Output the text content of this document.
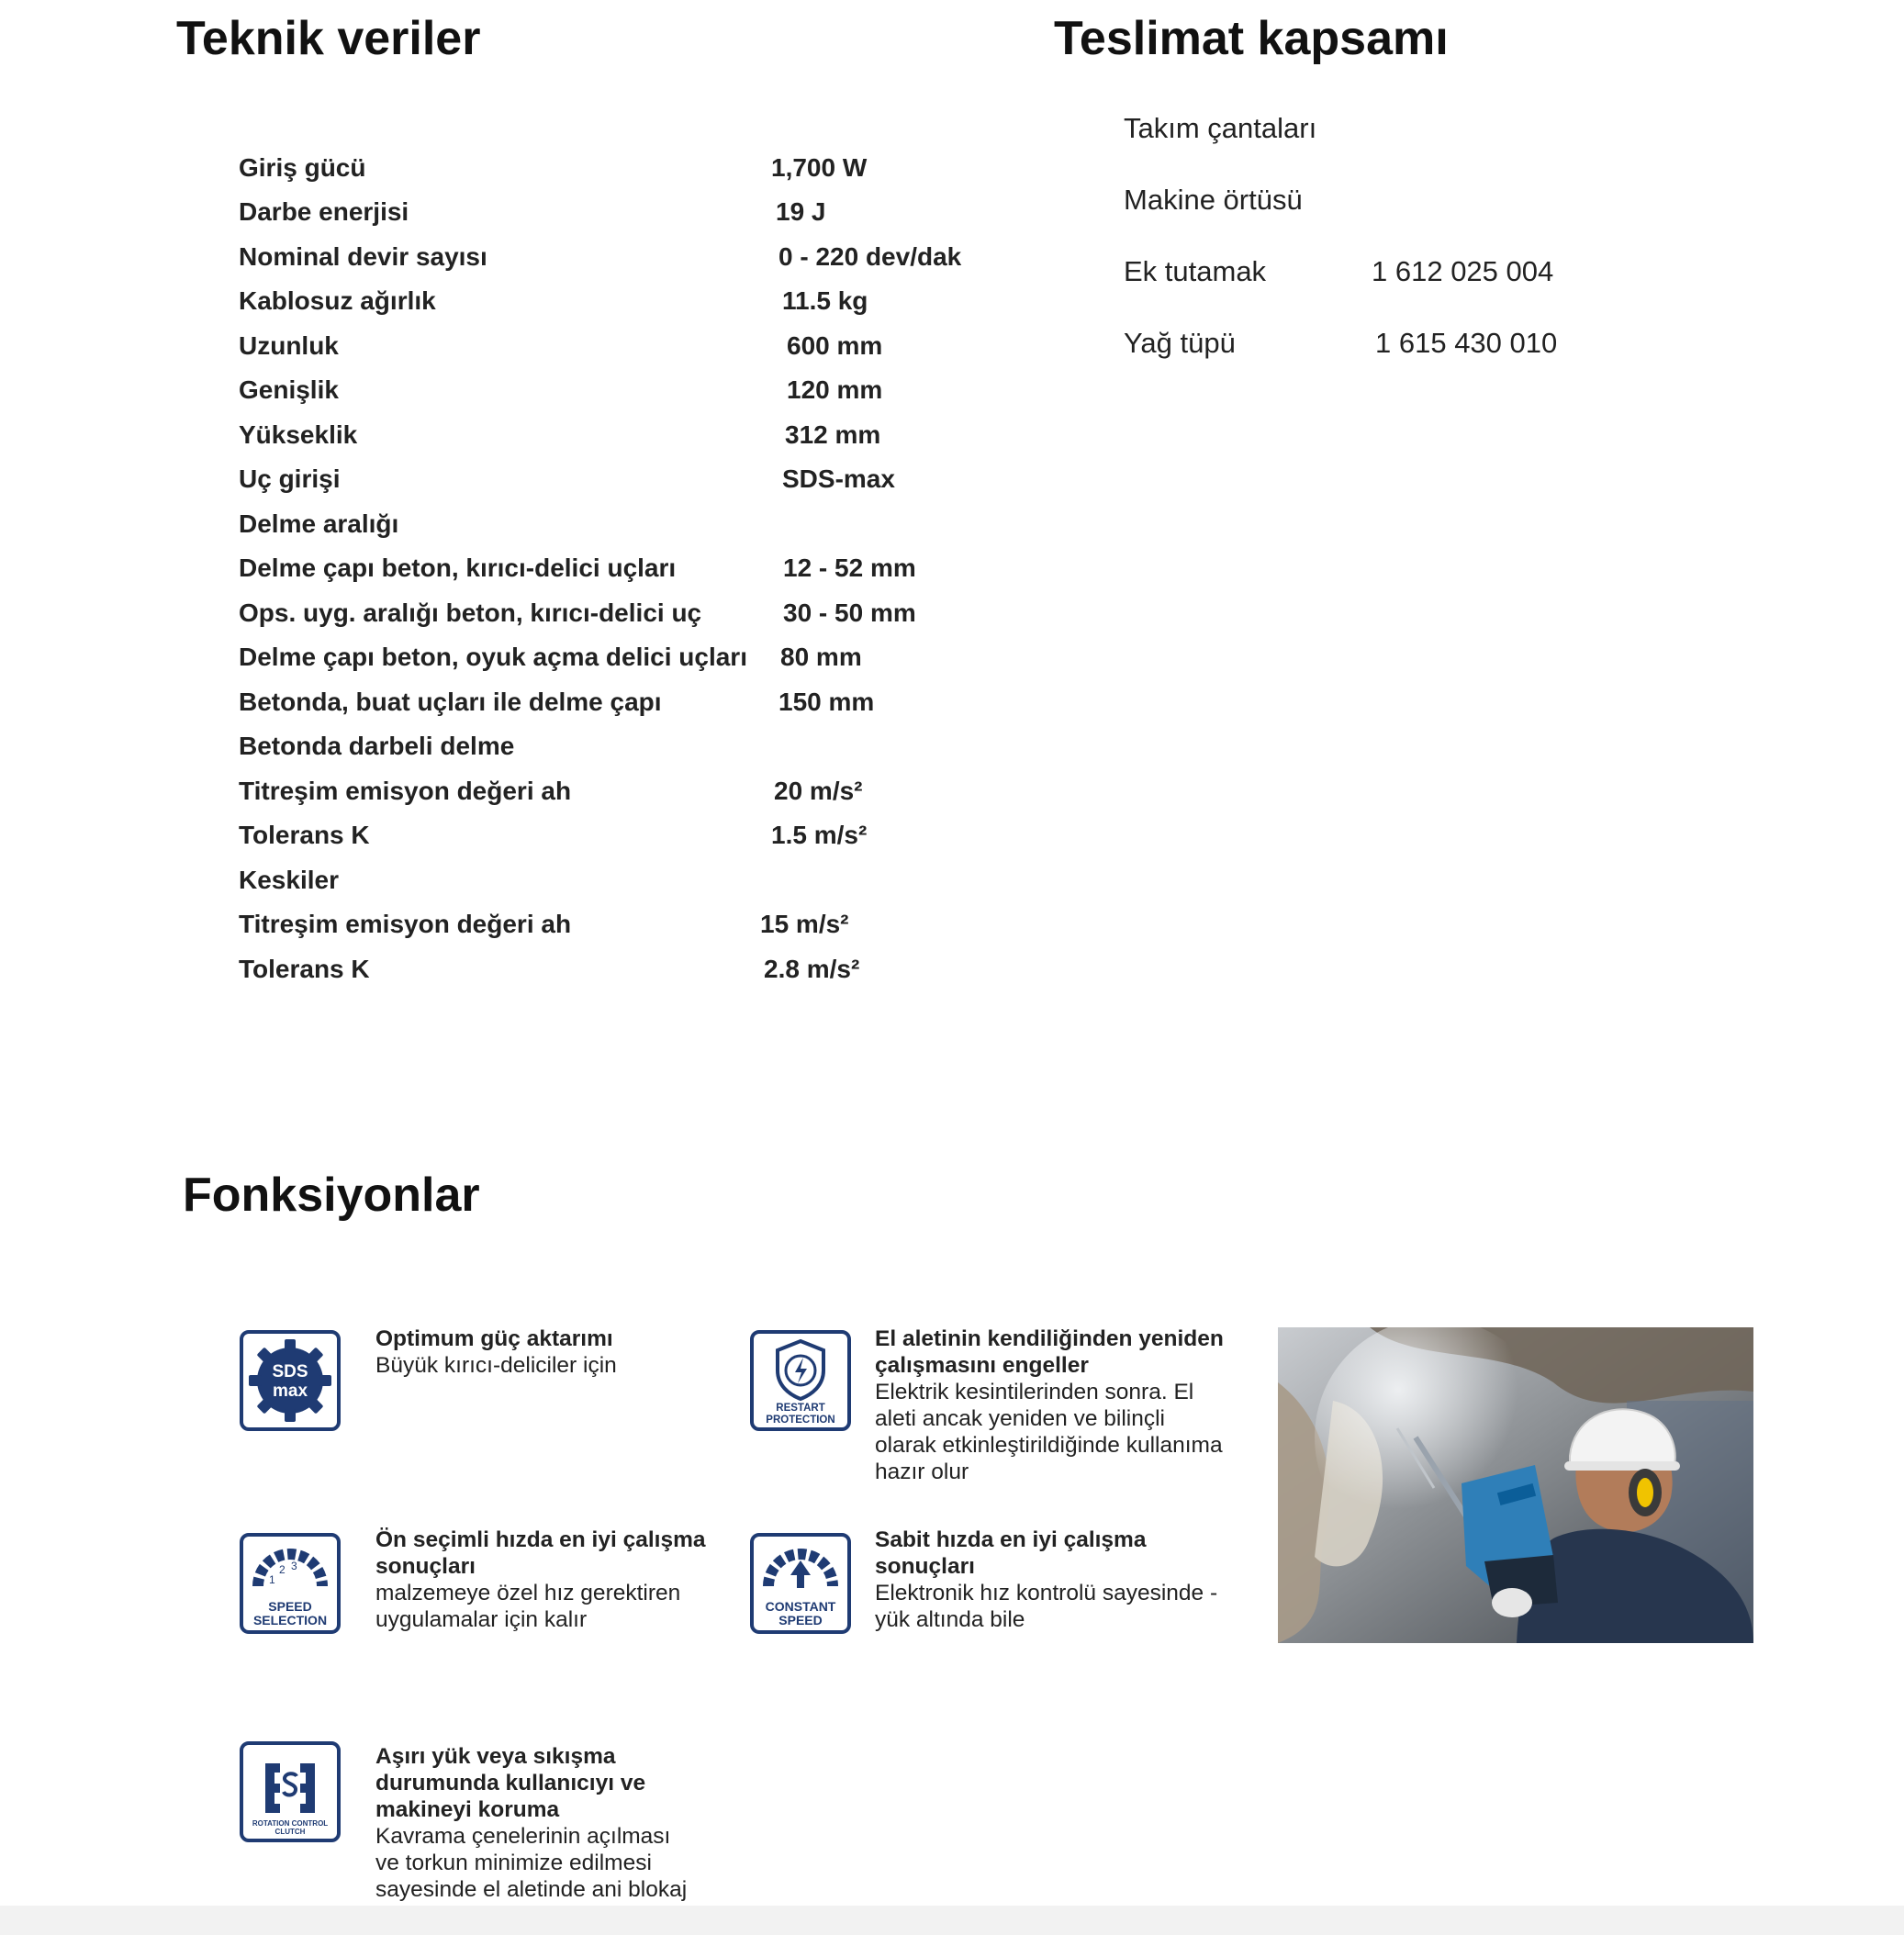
Teknik veriler	Teslimat kapsamı
Fonksiyonlar
Giriş gücü	1,700 W
Darbe enerjisi	19 J
Nominal devir sayısı	0 - 220 dev/dak
Kablosuz ağırlık	11.5 kg
Uzunluk	600 mm
Genişlik	120 mm
Yükseklik	312 mm
Uç girişi	SDS-max
Delme aralığı
Delme çapı beton, kırıcı-delici uçları	12 - 52 mm
Ops. uyg. aralığı beton, kırıcı-delici uç	30 - 50 mm
Delme çapı beton, oyuk açma delici uçları 80 mm
Betonda, buat uçları ile delme çapı	150 mm
Betonda darbeli delme
Titreşim emisyon değeri ah	20 m/s²
Tolerans K	1.5 m/s²
Keskiler
Titreşim emisyon değeri ah	15 m/s²
Tolerans K	2.8 m/s²
Takım çantaları
Makine örtüsü
Ek tutamak	1 612 025 004
Yağ tüpü	1 615 430 010
SDS
max
Optimum güç aktarımı
Büyük kırıcı-deliciler için
RESTART
PROTECTION
El aletinin kendiliğinden yeniden çalışmasını engeller
Elektrik kesintilerinden sonra. El aleti ancak yeniden ve bilinçli olarak etkinleştirildiğinde kullanıma hazır olur
1
2 3
SPEED
SELECTION
Ön seçimli hızda en iyi çalışma sonuçları
malzemeye özel hız gerektiren uygulamalar için kalır
CONSTANT
SPEED
Sabit hızda en iyi çalışma sonuçları
Elektronik hız kontrolü sayesinde - yük altında bile
ROTATION CONTROL
CLUTCH
Aşırı yük veya sıkışma durumunda kullanıcıyı ve makineyi koruma
Kavrama çenelerinin açılması ve torkun minimize edilmesi sayesinde el aletinde ani blokaj
